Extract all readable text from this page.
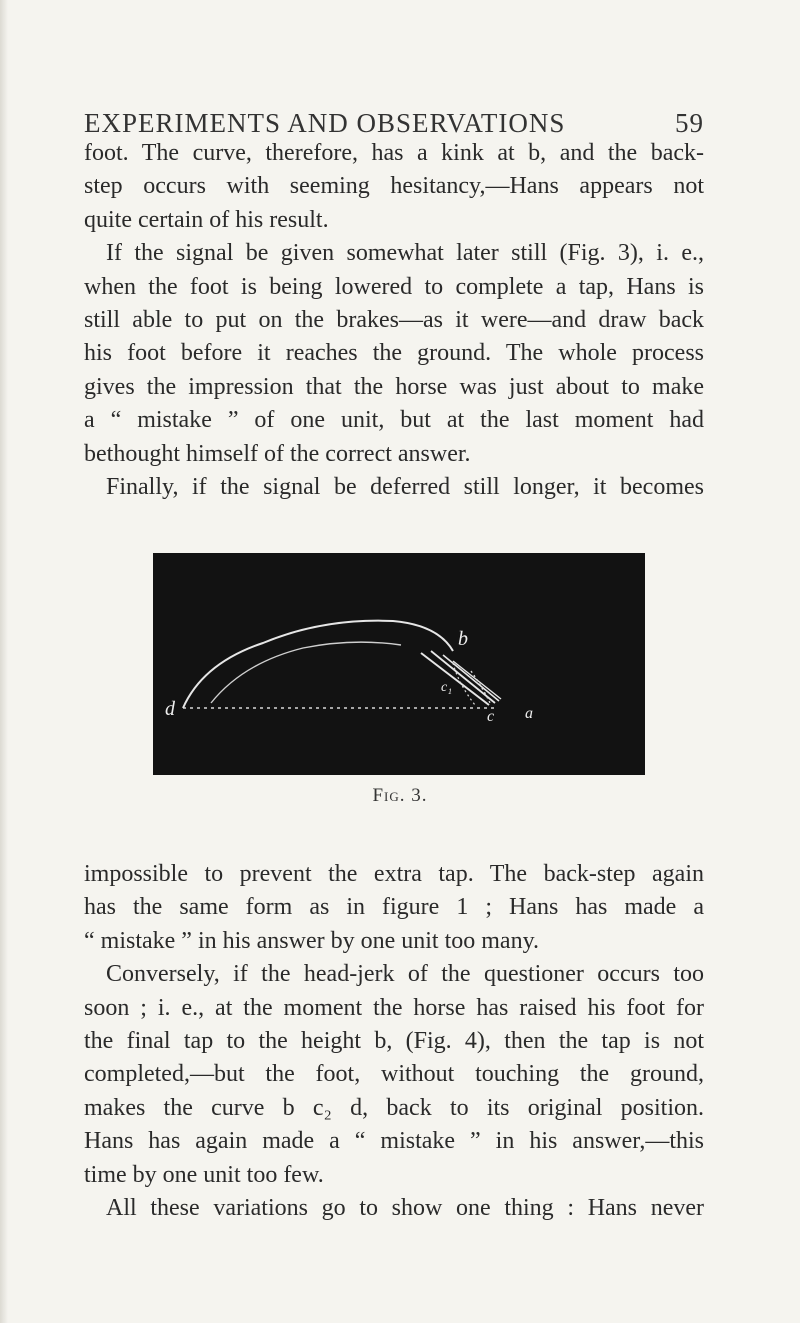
EXPERIMENTS AND OBSERVATIONS	59
foot. The curve, therefore, has a kink at b, and the back-
step occurs with seeming hesitancy,—Hans appears not
quite certain of his result.
If the signal be given somewhat later still (Fig. 3), i. e.,
when the foot is being lowered to complete a tap, Hans is
still able to put on the brakes—as it were—and draw back
his foot before it reaches the ground. The whole process
gives the impression that the horse was just about to make
a “ mistake ” of one unit, but at the last moment had
bethought himself of the correct answer.
Finally, if the signal be deferred still longer, it becomes
d
b
c₁
c a
Fig. 3.
impossible to prevent the extra tap. The back-step again
has the same form as in figure 1 ; Hans has made a
“ mistake ” in his answer by one unit too many.
Conversely, if the head-jerk of the questioner occurs too
soon ; i. e., at the moment the horse has raised his foot for
the final tap to the height b, (Fig. 4), then the tap is not
completed,—but the foot, without touching the ground,
makes the curve b c₂ d, back to its original position.
Hans has again made a “ mistake ” in his answer,—this
time by one unit too few.
All these variations go to show one thing : Hans never
